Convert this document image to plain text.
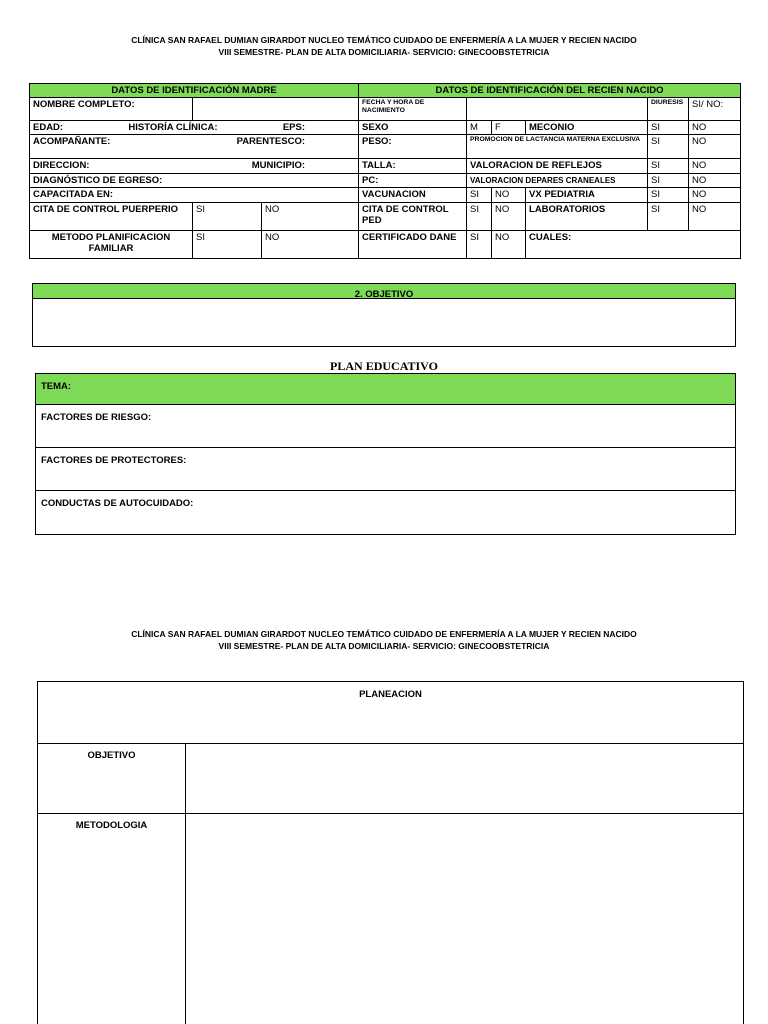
CLÍNICA SAN RAFAEL DUMIAN GIRARDOT NUCLEO TEMÁTICO CUIDADO DE ENFERMERÍA A LA MUJER Y RECIEN NACIDO
VIII SEMESTRE- PLAN DE ALTA DOMICILIARIA- SERVICIO: GINECOOBSTETRICIA
DATOS DE IDENTIFICACIÓN MADRE			DATOS DE IDENTIFICACIÓN DEL RECIEN NACIDO					
NOMBRE COMPLETO:			FECHA Y HORA DE NACIMIENTO				DIURESIS	SI/ NO:

EDAD: HISTORÍA CLÍNICA: EPS:			SEXO	M	F	MECONIO	SI	NO

ACOMPAÑANTE: PARENTESCO:			PESO:	PROMOCION DE LACTANCIA MATERNA EXCLUSIVA			SI	NO

DIRECCION: MUNICIPIO:			TALLA:	VALORACION DE REFLEJOS			SI	NO
DIAGNÓSTICO DE EGRESO:			PC:	VALORACION DEPARES CRANEALES			SI	NO
CAPACITADA EN:			VACUNACION	SI	NO	VX PEDIATRIA	SI	NO
CITA DE CONTROL PUERPERIO	SI	NO	CITA DE CONTROL PED	SI	NO	LABORATORIOS	SI	NO
METODO PLANIFICACION FAMILIAR	SI	NO	CERTIFICADO DANE	SI	NO	CUALES:		
2. OBJETIVO
PLAN EDUCATIVO
TEMA:
FACTORES DE RIESGO:
FACTORES DE PROTECTORES:
CONDUCTAS DE AUTOCUIDADO:
CLÍNICA SAN RAFAEL DUMIAN GIRARDOT NUCLEO TEMÁTICO CUIDADO DE ENFERMERÍA A LA MUJER Y RECIEN NACIDO
VIII SEMESTRE- PLAN DE ALTA DOMICILIARIA- SERVICIO: GINECOOBSTETRICIA
PLANEACION
OBJETIVO
METODOLOGIA
